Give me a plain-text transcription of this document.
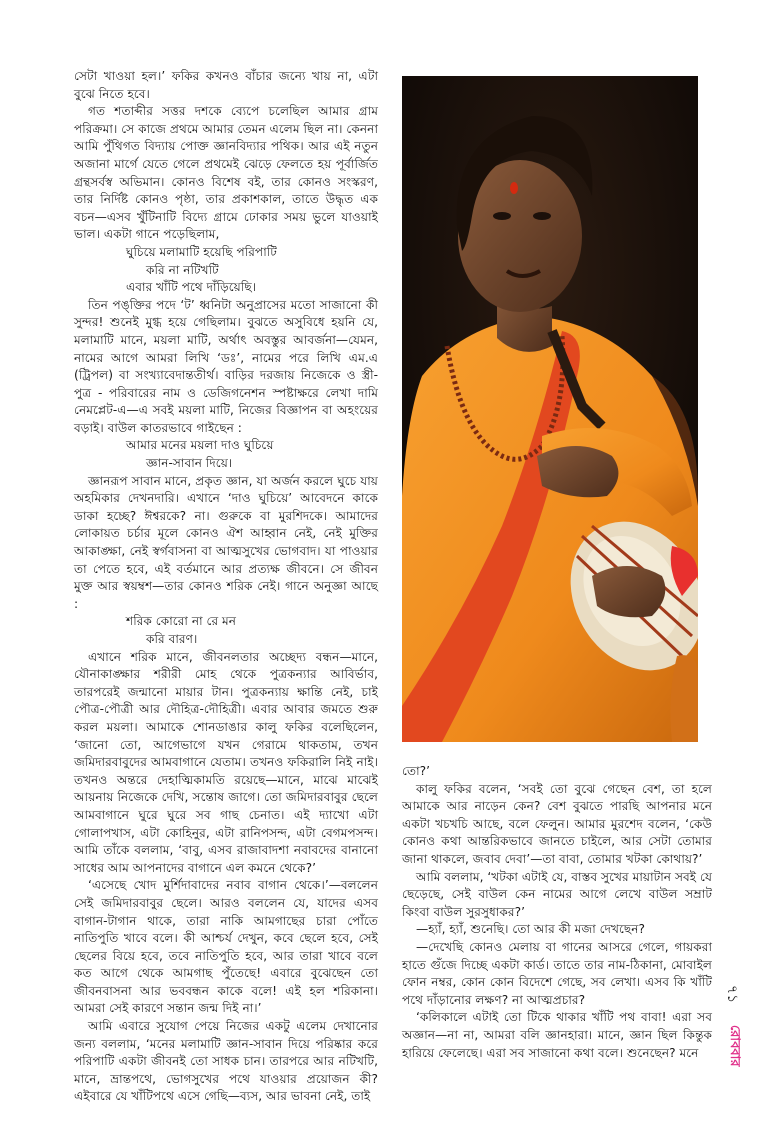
সেটা খাওয়া হল।’ ফকির কখনও বাঁচার জন্যে খায় না, এটা বুঝে নিতে হবে।

গত শতাব্দীর সত্তর দশকে ব্যেপে চলেছিল আমার গ্রাম পরিক্রমা। সে কাজে প্রথমে আমার তেমন এলেম ছিল না। কেননা আমি পুঁথিগত বিদ্যায় পোক্ত জ্ঞানবিদ্যার পথিক। আর এই নতুন অজানা মার্গে যেতে গেলে প্রথমেই ঝেড়ে ফেলতে হয় পূর্বার্জিত গ্রন্থসর্বস্ব অভিমান। কোনও বিশেষ বই, তার কোনও সংস্করণ, তার নির্দিষ্ট কোনও পৃষ্ঠা, তার প্রকাশকাল, তাতে উদ্ধৃত এক বচন—এসব খুঁটিনাটি বিদ্যে গ্রামে ঢোকার সময় ভুলে যাওয়াই ভাল। একটা গানে পড়েছিলাম,

ঘুচিয়ে মলামাটি হয়েছি পরিপাটি

করি না নটিখটি

এবার খাঁটি পথে দাঁড়িয়েছি।

তিন পঙ্‌ক্তির পদে ‘ট’ ধ্বনিটা অনুপ্রাসের মতো সাজানো কী সুন্দর! শুনেই মুগ্ধ হয়ে গেছিলাম। বুঝতে অসুবিধে হয়নি যে, মলামাটি মানে, ময়লা মাটি, অর্থাৎ অবস্তুর আবর্জনা—যেমন, নামের আগে আমরা লিখি ‘ডঃ’, নামের পরে লিখি এম.এ (ট্রিপল) বা সংখ্যাবেদান্ততীর্থ। বাড়ির দরজায় নিজেকে ও স্ত্রী-পুত্র - পরিবারের নাম ও ডেজিগনেশন স্পষ্টাক্ষরে লেখা দামি নেমপ্লেট-এ—এ সবই ময়লা মাটি, নিজের বিজ্ঞাপন বা অহংয়ের বড়াই। বাউল কাতরভাবে গাইছেন :

আমার মনের ময়লা দাও ঘুচিয়ে

জ্ঞান-সাবান দিয়ে।

জ্ঞানরূপ সাবান মানে, প্রকৃত জ্ঞান, যা অর্জন করলে ঘুচে যায় অহমিকার দেখনদারি। এখানে ‘দাও ঘুচিয়ে’ আবেদনে কাকে ডাকা হচ্ছে? ঈশ্বরকে? না। গুরুকে বা মুরশিদকে। আমাদের লোকায়ত চর্চার মূলে কোনও ঐশ আহ্বান নেই, নেই মুক্তির আকাঙ্ক্ষা, নেই স্বর্গবাসনা বা আত্মসুখের ভোগবাদ। যা পাওয়ার তা পেতে হবে, এই বর্তমানে আর প্রত্যক্ষ জীবনে। সে জীবন মুক্ত আর স্বয়ম্বশ—তার কোনও শরিক নেই। গানে অনুজ্ঞা আছে :

শরিক কোরো না রে মন

করি বারণ।

এখানে শরিক মানে, জীবনলতার অচ্ছেদ্য বন্ধন—মানে, যৌনাকাঙ্ক্ষার শরীরী মোহ থেকে পুত্রকন্যার আবির্ভাব, তারপরেই জন্মানো মায়ার টান। পুত্রকন্যায় ক্ষান্তি নেই, চাই পৌত্র-পৌত্রী আর দৌহিত্র-দৌহিত্রী। এবার আবার জমতে শুরু করল ময়লা। আমাকে শোনডাঙার কালু ফকির বলেছিলেন, ‘জানো তো, আগেভাগে যখন গেরামে থাকতাম, তখন জমিদারবাবুদের আমবাগানে যেতাম। তখনও ফকিরালি নিই নাই। তখনও অন্তরে দেহাত্মিকামতি রয়েছে—মানে, মাঝে মাঝেই আয়নায় নিজেকে দেখি, সন্তোষ জাগে। তো জমিদারবাবুর ছেলে আমবাগানে ঘুরে ঘুরে সব গাছ চেনাত। এই দ্যাখো এটা গোলাপখাস, এটা কোহিনুর, এটা রানিপসন্দ, এটা বেগমপসন্দ। আমি তাঁকে বললাম, ‘বাবু, এসব রাজাবাদশা নবাবদের বানানো সাধের আম আপনাদের বাগানে এল কমনে থেকে?’

‘এসেছে খোদ মুর্শিদাবাদের নবাব বাগান থেকে।’—বললেন সেই জমিদারবাবুর ছেলে। আরও বললেন যে, যাদের এসব বাগান-টাগান থাকে, তারা নাকি আমগাছের চারা পোঁতে নাতিপুতি খাবে বলে। কী আশ্চর্য দেখুন, কবে ছেলে হবে, সেই ছেলের বিয়ে হবে, তবে নাতিপুতি হবে, আর তারা খাবে বলে কত আগে থেকে আমগাছ পুঁতেছে! এবারে বুঝেছেন তো জীবনবাসনা আর ভববন্ধন কাকে বলে! এই হল শরিকানা। আমরা সেই কারণে সন্তান জন্ম দিই না।’

আমি এবারে সুযোগ পেয়ে নিজের একটু এলেম দেখানোর জন্য বললাম, ‘মনের মলামাটি জ্ঞান-সাবান দিয়ে পরিষ্কার করে পরিপাটি একটা জীবনই তো সাধক চান। তারপরে আর নটিখটি, মানে, ভ্রান্তপথে, ভোগসুখের পথে যাওয়ার প্রয়োজন কী? এইবারে যে খাঁটিপথে এসে গেছি—ব্যস, আর ভাবনা নেই, তাই

তো?’

কালু ফকির বলেন, ‘সবই তো বুঝে গেছেন বেশ, তা হলে আমাকে আর নাড়েন কেন? বেশ বুঝতে পারছি আপনার মনে একটা খচখচি আছে, বলে ফেলুন। আমার মুরশেদ বলেন, ‘কেউ কোনও কথা আন্তরিকভাবে জানতে চাইলে, আর সেটা তোমার জানা থাকলে, জবাব দেবা’—তা বাবা, তোমার খটকা কোথায়?’

আমি বললাম, ‘খটকা এটাই যে, বাস্তব সুখের মায়াটান সবই যে ছেড়েছে, সেই বাউল কেন নামের আগে লেখে বাউল সম্রাট কিংবা বাউল সুরসুধাকর?’

—হ্যাঁ, হ্যাঁ, শুনেছি। তো আর কী মজা দেখছেন?

—দেখেছি কোনও মেলায় বা গানের আসরে গেলে, গায়করা হাতে গুঁজে দিচ্ছে একটা কার্ড। তাতে তার নাম-ঠিকানা, মোবাইল ফোন নম্বর, কোন কোন বিদেশে গেছে, সব লেখা। এসব কি খাঁটি পথে দাঁড়ানোর লক্ষণ? না আত্মপ্রচার?

‘কলিকালে এটাই তো টিকে থাকার খাঁটি পথ বাবা! এরা সব অজ্ঞান—না না, আমরা বলি জ্ঞানহারা। মানে, জ্ঞান ছিল কিন্তুক হারিয়ে ফেলেছে। এরা সব সাজানো কথা বলে। শুনেছেন? মনে

৭১
রোববার
